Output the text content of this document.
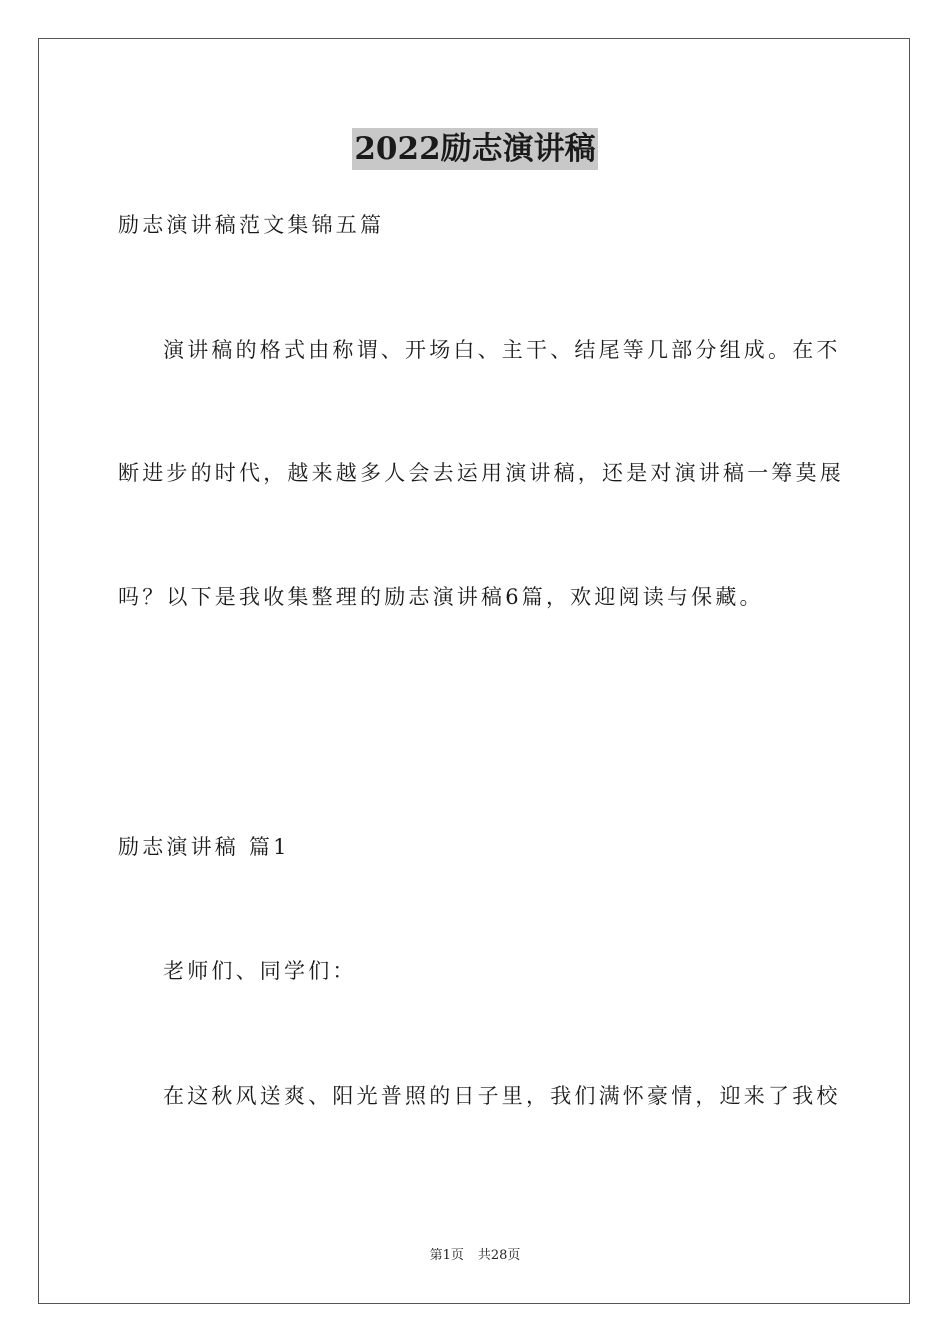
2022励志演讲稿
励志演讲稿范文集锦五篇
演讲稿的格式由称谓、开场白、主干、结尾等几部分组成。在不
断进步的时代，越来越多人会去运用演讲稿，还是对演讲稿一筹莫展
吗？以下是我收集整理的励志演讲稿6篇，欢迎阅读与保藏。
励志演讲稿 篇1
老师们、同学们：
在这秋风送爽、阳光普照的日子里，我们满怀豪情，迎来了我校
第1页 共28页
